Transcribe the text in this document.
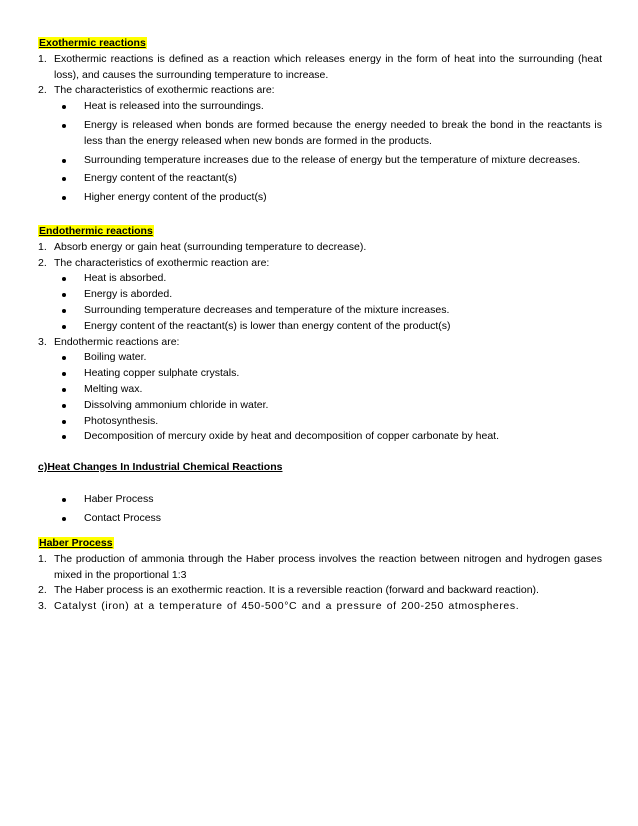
Exothermic reactions
1. Exothermic reactions is defined as a reaction which releases energy in the form of heat into the surrounding (heat loss), and causes the surrounding temperature to increase.
2. The characteristics of exothermic reactions are:
Heat is released into the surroundings.
Energy is released when bonds are formed because the energy needed to break the bond in the reactants is less than the energy released when new bonds are formed in the products.
Surrounding temperature increases due to the release of energy but the temperature of mixture decreases.
Energy content of the reactant(s)
Higher energy content of the product(s)
Endothermic reactions
1. Absorb energy or gain heat (surrounding temperature to decrease).
2. The characteristics of exothermic reaction are:
Heat is absorbed.
Energy is aborded.
Surrounding temperature decreases and temperature of the mixture increases.
Energy content of the reactant(s) is lower than energy content of the product(s)
3. Endothermic reactions are:
Boiling water.
Heating copper sulphate crystals.
Melting wax.
Dissolving ammonium chloride in water.
Photosynthesis.
Decomposition of mercury oxide by heat and decomposition of copper carbonate by heat.
c)Heat Changes In Industrial Chemical Reactions
Haber Process
Contact Process
Haber Process
1. The production of ammonia through the Haber process involves the reaction between nitrogen and hydrogen gases mixed in the proportional 1:3
2. The Haber process is an exothermic reaction. It is a reversible reaction (forward and backward reaction).
3. Catalyst (iron) at a temperature of 450-500°C and a pressure of 200-250 atmospheres.
